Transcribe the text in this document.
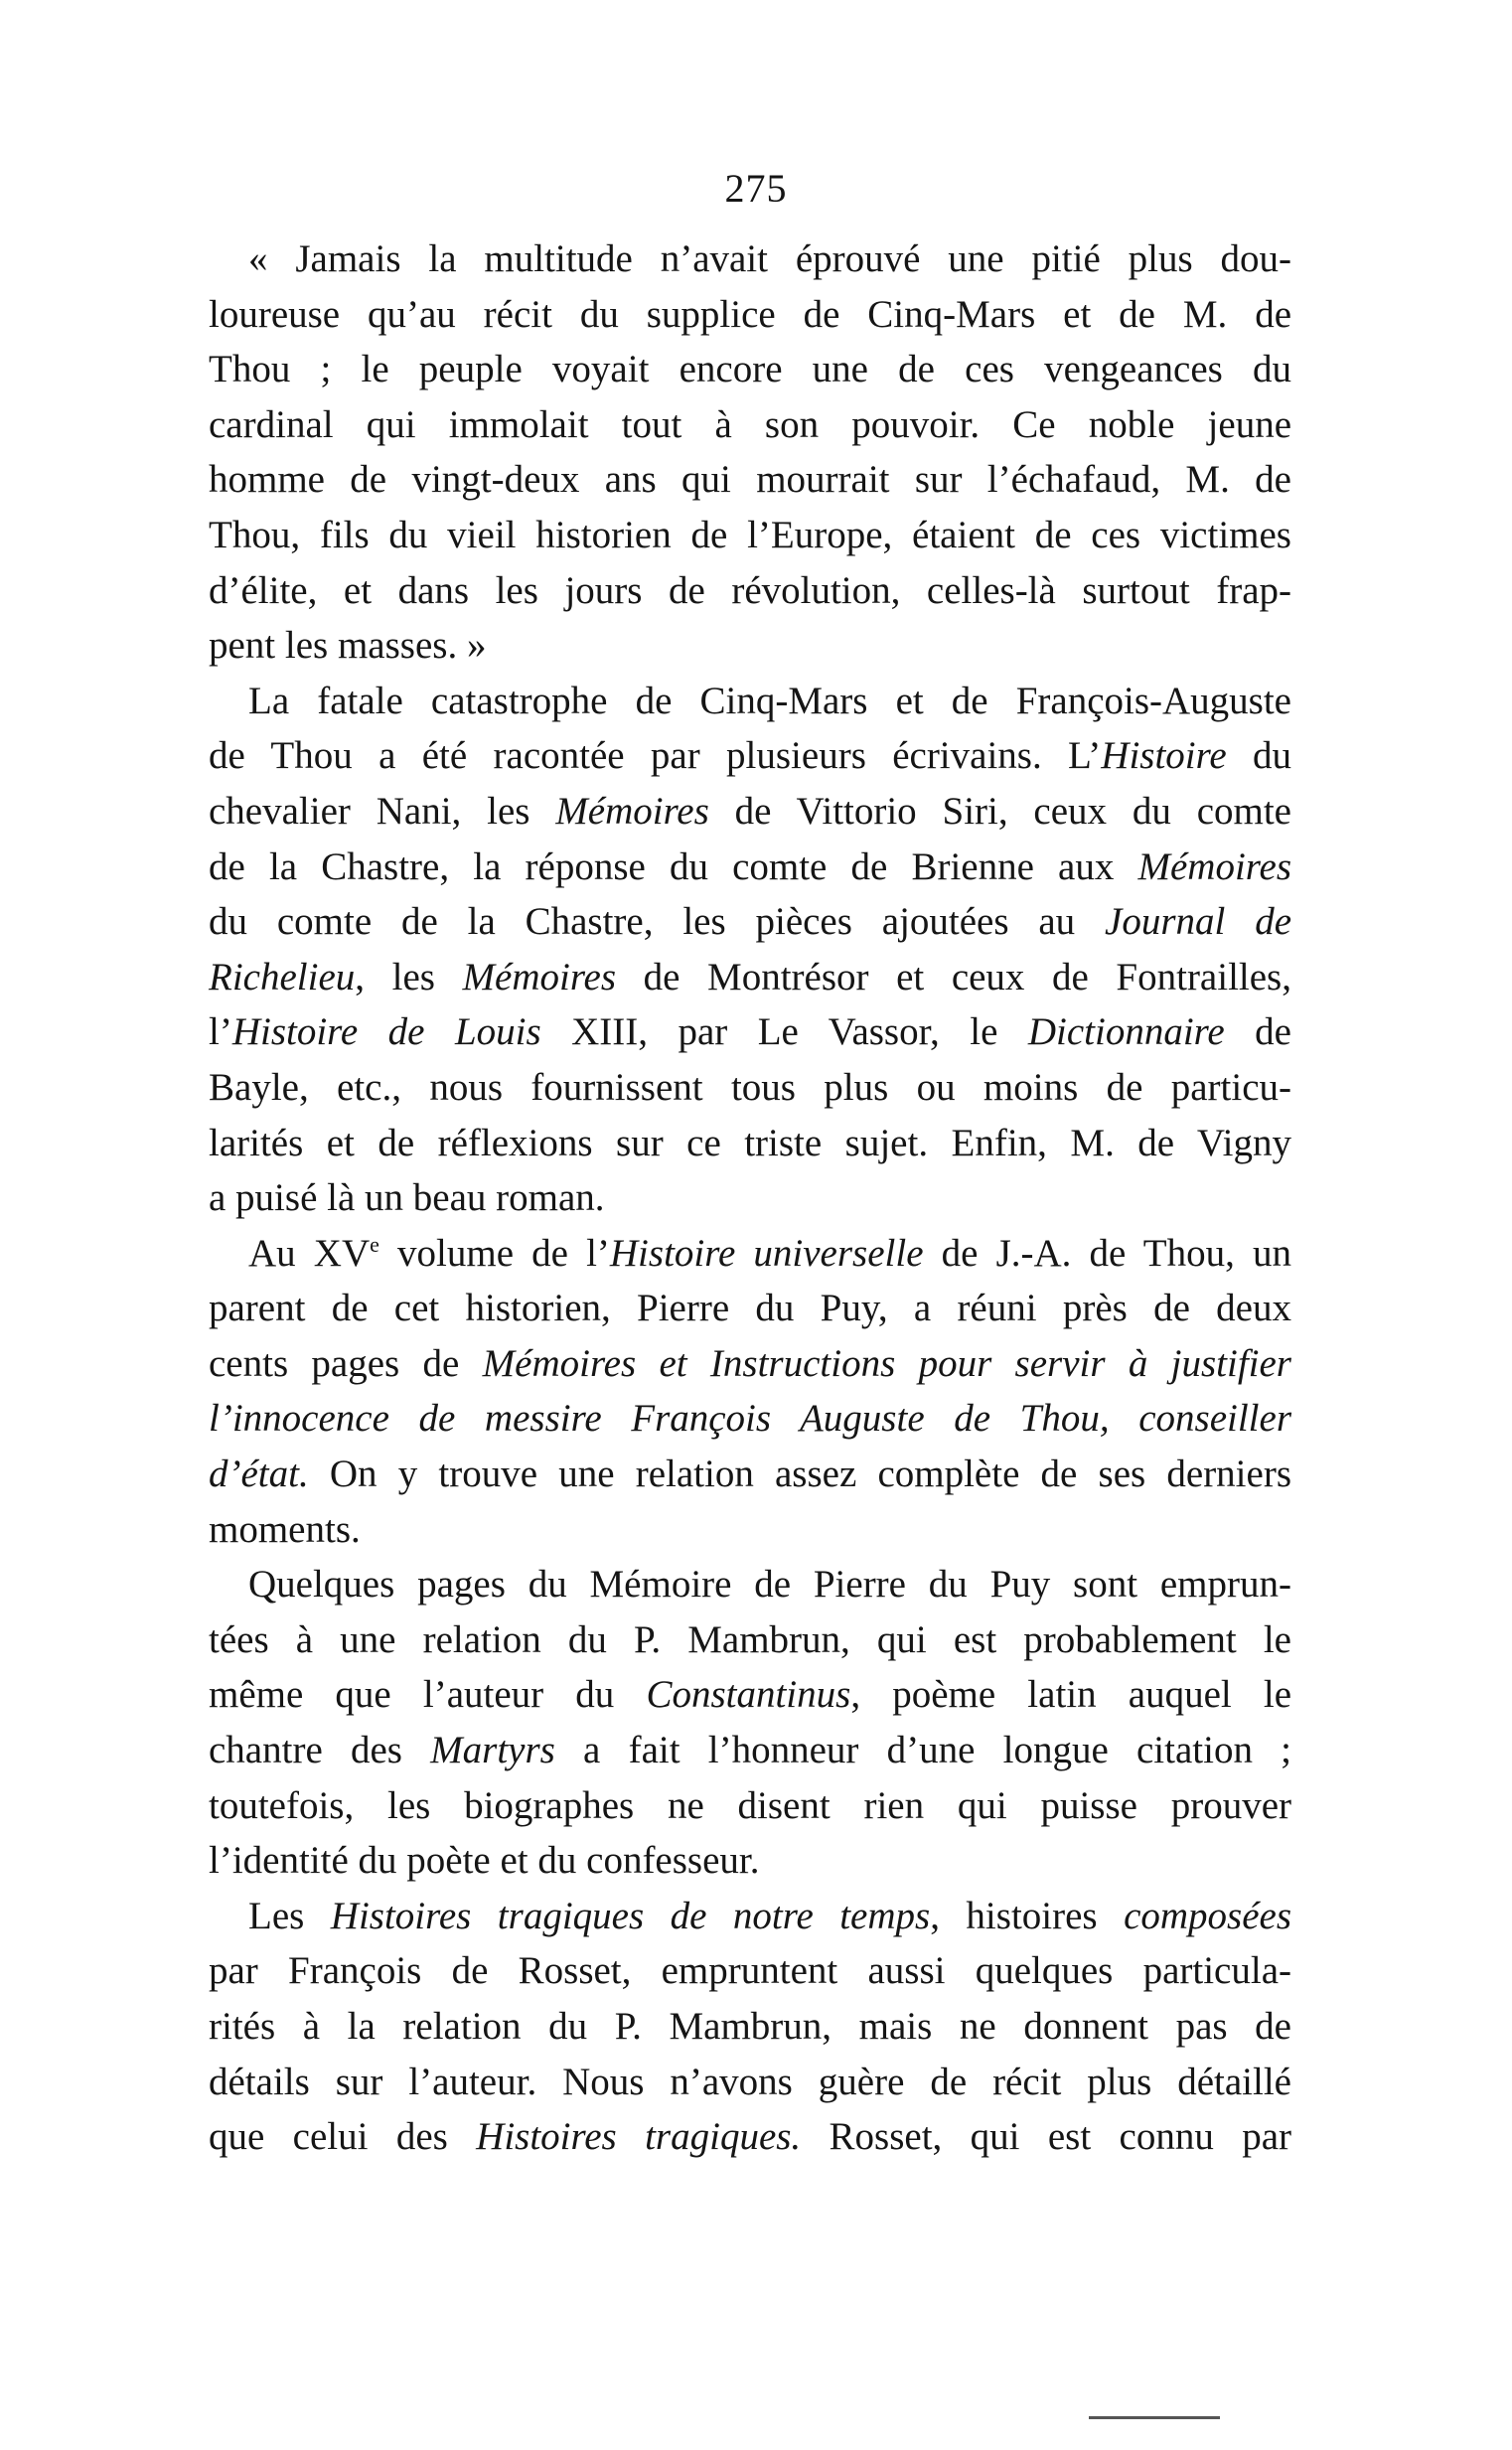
275
« Jamais la multitude n’avait éprouvé une pitié plus dou-
loureuse qu’au récit du supplice de Cinq-Mars et de M. de
Thou ; le peuple voyait encore une de ces vengeances du
cardinal qui immolait tout à son pouvoir. Ce noble jeune
homme de vingt-deux ans qui mourrait sur l’échafaud, M. de
Thou, fils du vieil historien de l’Europe, étaient de ces victimes
d’élite, et dans les jours de révolution, celles-là surtout frap-
pent les masses. »
La fatale catastrophe de Cinq-Mars et de François-Auguste
de Thou a été racontée par plusieurs écrivains. L’Histoire du
chevalier Nani, les Mémoires de Vittorio Siri, ceux du comte
de la Chastre, la réponse du comte de Brienne aux Mémoires
du comte de la Chastre, les pièces ajoutées au Journal de
Richelieu, les Mémoires de Montrésor et ceux de Fontrailles,
l’Histoire de Louis XIII, par Le Vassor, le Dictionnaire de
Bayle, etc., nous fournissent tous plus ou moins de particu-
larités et de réflexions sur ce triste sujet. Enfin, M. de Vigny
a puisé là un beau roman.
Au XVe volume de l’Histoire universelle de J.-A. de Thou, un
parent de cet historien, Pierre du Puy, a réuni près de deux
cents pages de Mémoires et Instructions pour servir à justifier
l’innocence de messire François Auguste de Thou, conseiller
d’état. On y trouve une relation assez complète de ses derniers
moments.
Quelques pages du Mémoire de Pierre du Puy sont emprun-
tées à une relation du P. Mambrun, qui est probablement le
même que l’auteur du Constantinus, poème latin auquel le
chantre des Martyrs a fait l’honneur d’une longue citation ;
toutefois, les biographes ne disent rien qui puisse prouver
l’identité du poète et du confesseur.
Les Histoires tragiques de notre temps, histoires composées
par François de Rosset, empruntent aussi quelques particula-
rités à la relation du P. Mambrun, mais ne donnent pas de
détails sur l’auteur. Nous n’avons guère de récit plus détaillé
que celui des Histoires tragiques. Rosset, qui est connu par
